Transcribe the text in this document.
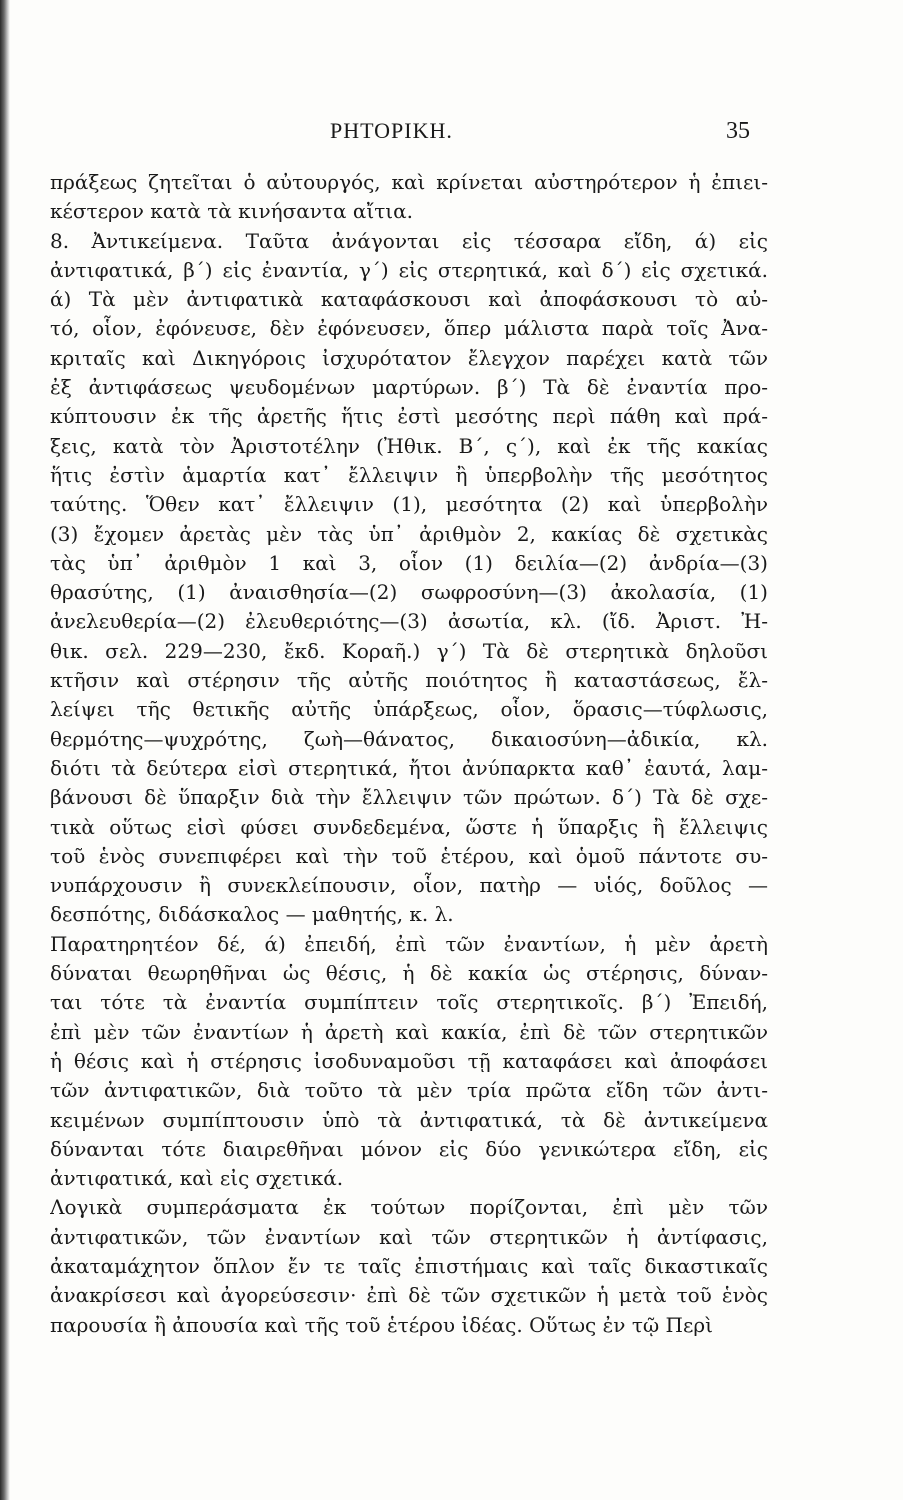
ΡΗΤΟΡΙΚΗ.	35
πράξεως ζητεῖται ὁ αὐτουργός, καὶ κρίνεται αὐστηρότερον ἡ ἐπιει-
κέστερον κατὰ τὰ κινήσαντα αἴτια.
8. Ἀντικείμενα. Ταῦτα ἀνάγονται εἰς τέσσαρα εἴδη, ά) εἰς
ἀντιφατικά, β΄) εἰς ἐναντία, γ΄) εἰς στερητικά, καὶ δ΄) εἰς σχετικά.
ά) Τὰ μὲν ἀντιφατικὰ καταφάσκουσι καὶ ἀποφάσκουσι τὸ αὐ-
τό, οἷον, ἐφόνευσε, δὲν ἐφόνευσεν, ὅπερ μάλιστα παρὰ τοῖς Ἀνα-
κριταῖς καὶ Δικηγόροις ἰσχυρότατον ἔλεγχον παρέχει κατὰ τῶν
ἐξ ἀντιφάσεως ψευδομένων μαρτύρων. β΄) Τὰ δὲ ἐναντία προ-
κύπτουσιν ἐκ τῆς ἀρετῆς ἥτις ἐστὶ μεσότης περὶ πάθη καὶ πρά-
ξεις, κατὰ τὸν Ἀριστοτέλην (Ἠθικ. Β΄, ς΄), καὶ ἐκ τῆς κακίας
ἥτις ἐστὶν ἁμαρτία κατ᾽ ἔλλειψιν ἢ ὑπερβολὴν τῆς μεσότητος
ταύτης. Ὅθεν κατ᾽ ἔλλειψιν (1), μεσότητα (2) καὶ ὑπερβολὴν
(3) ἔχομεν ἀρετὰς μὲν τὰς ὑπ᾽ ἀριθμὸν 2, κακίας δὲ σχετικὰς
τὰς ὑπ᾽ ἀριθμὸν 1 καὶ 3, οἷον (1) δειλία—(2) ἀνδρία—(3)
θρασύτης, (1) ἀναισθησία—(2) σωφροσύνη—(3) ἀκολασία, (1)
ἀνελευθερία—(2) ἐλευθεριότης—(3) ἀσωτία, κλ. (ἴδ. Ἀριστ. Ἠ-
θικ. σελ. 229—230, ἔκδ. Κοραῆ.) γ΄) Τὰ δὲ στερητικὰ δηλοῦσι
κτῆσιν καὶ στέρησιν τῆς αὐτῆς ποιότητος ἢ καταστάσεως, ἔλ-
λείψει τῆς θετικῆς αὐτῆς ὑπάρξεως, οἷον, ὅρασις—τύφλωσις,
θερμότης—ψυχρότης, ζωὴ—θάνατος, δικαιοσύνη—ἀδικία, κλ.
διότι τὰ δεύτερα εἰσὶ στερητικά, ἤτοι ἀνύπαρκτα καθ᾽ ἑαυτά, λαμ-
βάνουσι δὲ ὕπαρξιν διὰ τὴν ἔλλειψιν τῶν πρώτων. δ΄) Τὰ δὲ σχε-
τικὰ οὕτως εἰσὶ φύσει συνδεδεμένα, ὥστε ἡ ὕπαρξις ἢ ἔλλειψις
τοῦ ἑνὸς συνεπιφέρει καὶ τὴν τοῦ ἑτέρου, καὶ ὁμοῦ πάντοτε συ-
νυπάρχουσιν ἢ συνεκλείπουσιν, οἷον, πατὴρ — υἱός, δοῦλος —
δεσπότης, διδάσκαλος — μαθητής, κ. λ.
Παρατηρητέον δέ, ά) ἐπειδή, ἐπὶ τῶν ἐναντίων, ἡ μὲν ἀρετὴ
δύναται θεωρηθῆναι ὡς θέσις, ἡ δὲ κακία ὡς στέρησις, δύναν-
ται τότε τὰ ἐναντία συμπίπτειν τοῖς στερητικοῖς. β΄) Ἐπειδή,
ἐπὶ μὲν τῶν ἐναντίων ἡ ἀρετὴ καὶ κακία, ἐπὶ δὲ τῶν στερητικῶν
ἡ θέσις καὶ ἡ στέρησις ἰσοδυναμοῦσι τῇ καταφάσει καὶ ἀποφάσει
τῶν ἀντιφατικῶν, διὰ τοῦτο τὰ μὲν τρία πρῶτα εἴδη τῶν ἀντι-
κειμένων συμπίπτουσιν ὑπὸ τὰ ἀντιφατικά, τὰ δὲ ἀντικείμενα
δύνανται τότε διαιρεθῆναι μόνον εἰς δύο γενικώτερα εἴδη, εἰς
ἀντιφατικά, καὶ εἰς σχετικά.
Λογικὰ συμπεράσματα ἐκ τούτων πορίζονται, ἐπὶ μὲν τῶν
ἀντιφατικῶν, τῶν ἐναντίων καὶ τῶν στερητικῶν ἡ ἀντίφασις,
ἀκαταμάχητον ὅπλον ἔν τε ταῖς ἐπιστήμαις καὶ ταῖς δικαστικαῖς
ἀνακρίσεσι καὶ ἀγορεύσεσιν· ἐπὶ δὲ τῶν σχετικῶν ἡ μετὰ τοῦ ἑνὸς
παρουσία ἢ ἀπουσία καὶ τῆς τοῦ ἑτέρου ἰδέας. Οὕτως ἐν τῷ Περὶ
